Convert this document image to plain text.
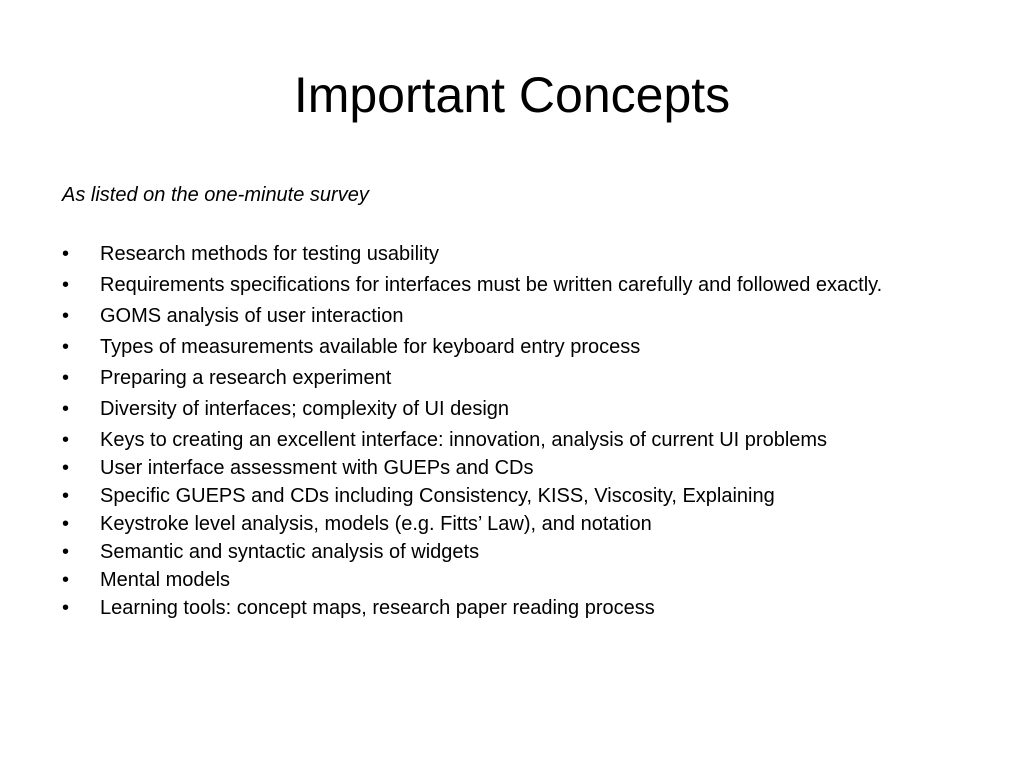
Important Concepts

As listed on the one-minute survey

•	Research methods for testing usability
•	Requirements specifications for interfaces must be written carefully and followed exactly.
•	GOMS analysis of user interaction
•	Types of measurements available for keyboard entry process
•	Preparing a research experiment
•	Diversity of interfaces; complexity of UI design
•	Keys to creating an excellent interface: innovation, analysis of current UI problems
•	User interface assessment with GUEPs and CDs
•	Specific GUEPS and CDs including Consistency, KISS, Viscosity, Explaining
•	Keystroke level analysis, models (e.g. Fitts’ Law), and notation
•	Semantic and syntactic analysis of widgets
•	Mental models
•	Learning tools: concept maps, research paper reading process
